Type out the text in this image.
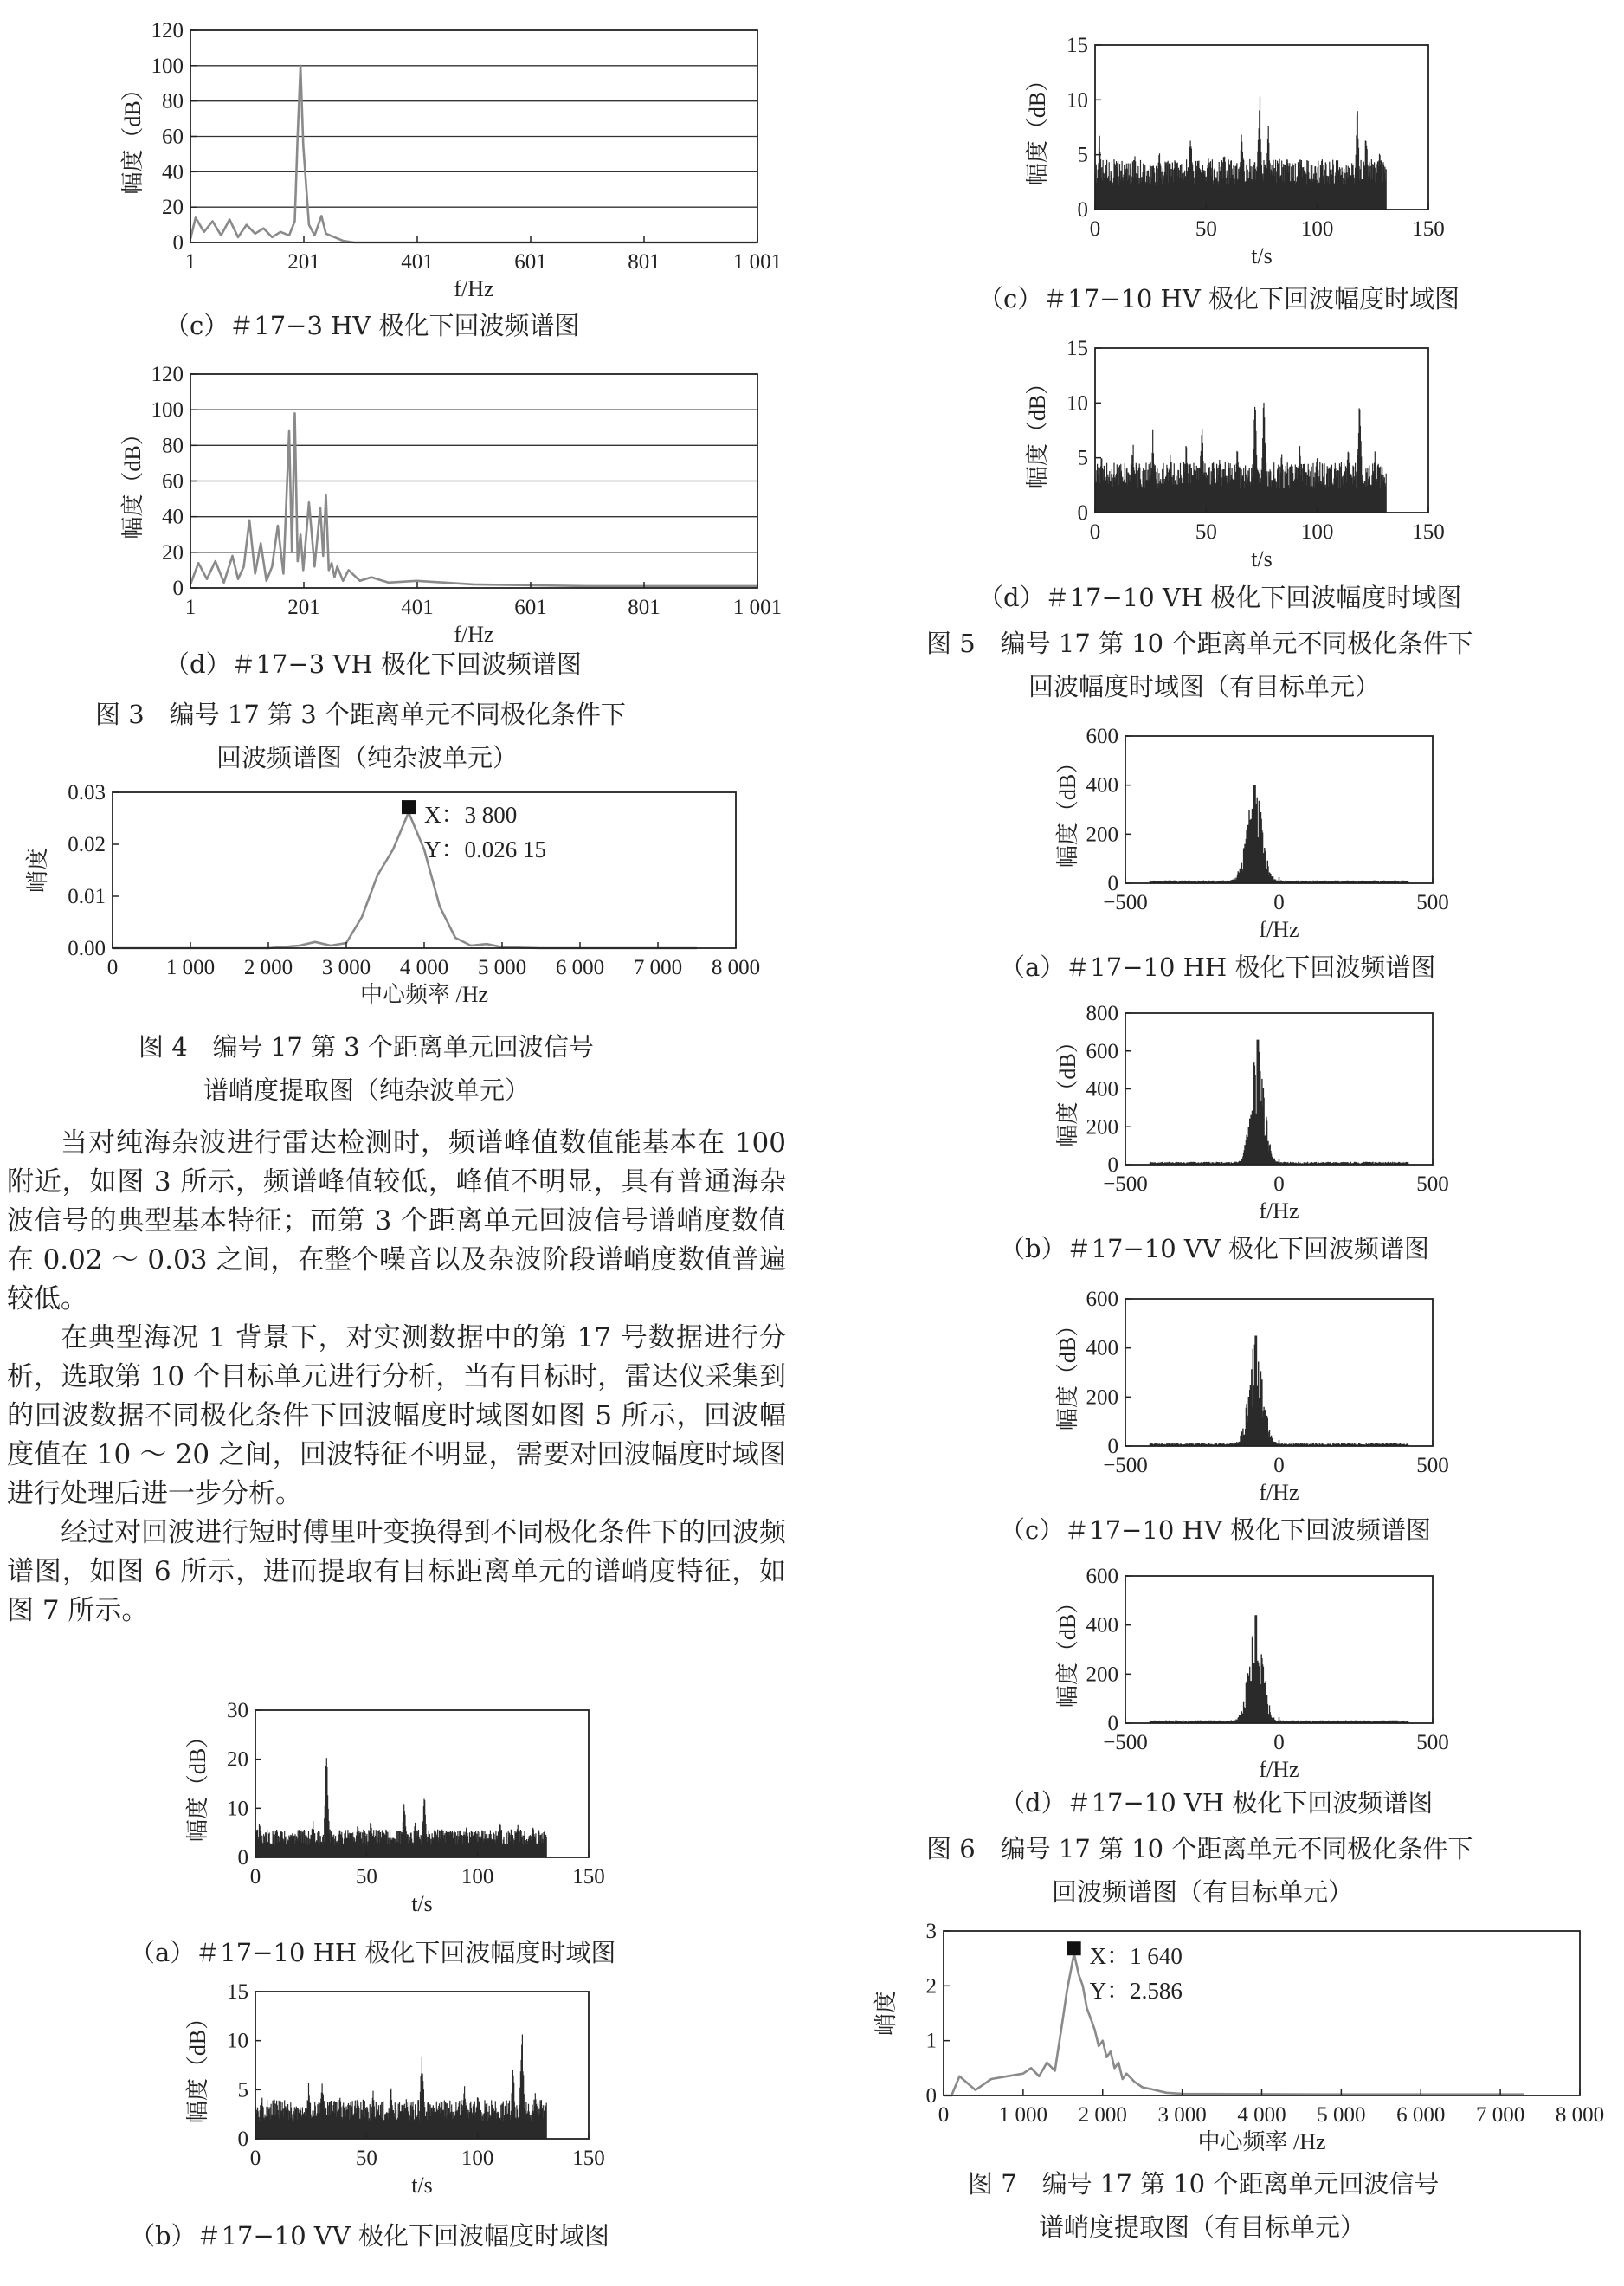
1	201	401	601	801	1 001
0
20
40
60
80
100
120
f/Hz
幅度（dB）
（c）＃17−3 HV 极化下回波频谱图
1	201	401	601	801	1 001
0
20
40
60
80
100
120
f/Hz
幅度（dB）
（d）＃17−3 VH 极化下回波频谱图
图 3　编号 17 第 3 个距离单元不同极化条件下
回波频谱图（纯杂波单元）
0 1 000 2 000 3 000 4 000 5 000 6 000 7 000 8 000
0.00
0.01
0.02
0.03
中心频率 /Hz
峭度
X：3 800
Y：0.026 15
图 4　编号 17 第 3 个距离单元回波信号
谱峭度提取图（纯杂波单元）

当对纯海杂波进行雷达检测时，频谱峰值数值能基本在 100 附近，如图 3 所示，频谱峰值较低，峰值不明显，具有普通海杂波信号的典型基本特征；而第 3 个距离单元回波信号谱峭度数值在 0.02 ～ 0.03 之间，在整个噪音以及杂波阶段谱峭度数值普遍较低。

在典型海况 1 背景下，对实测数据中的第 17 号数据进行分析，选取第 10 个目标单元进行分析，当有目标时，雷达仪采集到的回波数据不同极化条件下回波幅度时域图如图 5 所示，回波幅度值在 10 ～ 20 之间，回波特征不明显，需要对回波幅度时域图进行处理后进一步分析。

经过对回波进行短时傅里叶变换得到不同极化条件下的回波频谱图，如图 6 所示，进而提取有目标距离单元的谱峭度特征，如图 7 所示。

0	50	100	150
0
10
20
30
t/s
幅度（dB）
（a）＃17−10 HH 极化下回波幅度时域图
0	50	100	150
0
5
10
15
t/s
幅度（dB）
（b）＃17−10 VV 极化下回波幅度时域图
0	50	100	150
0
5
10
15
t/s
幅度（dB）
（c）＃17−10 HV 极化下回波幅度时域图
0	50	100	150
0
5
10
15
t/s
幅度（dB）
（d）＃17−10 VH 极化下回波幅度时域图
图 5　编号 17 第 10 个距离单元不同极化条件下
回波幅度时域图（有目标单元）
−500	0	500
0
200
400
600
f/Hz
幅度（dB）
（a）＃17−10 HH 极化下回波频谱图
−500	0	500
0
200
400
600
800
f/Hz
幅度（dB）
（b）＃17−10 VV 极化下回波频谱图
−500	0	500
0
200
400
600
f/Hz
幅度（dB）
（c）＃17−10 HV 极化下回波频谱图
−500	0	500
0
200
400
600
f/Hz
幅度（dB）
（d）＃17−10 VH 极化下回波频谱图
图 6　编号 17 第 10 个距离单元不同极化条件下
回波频谱图（有目标单元）
0 1 000 2 000 3 000 4 000 5 000 6 000 7 000 8 000
0
1
2
3
中心频率 /Hz
峭度
X：1 640
Y：2.586
图 7　编号 17 第 10 个距离单元回波信号
谱峭度提取图（有目标单元）
